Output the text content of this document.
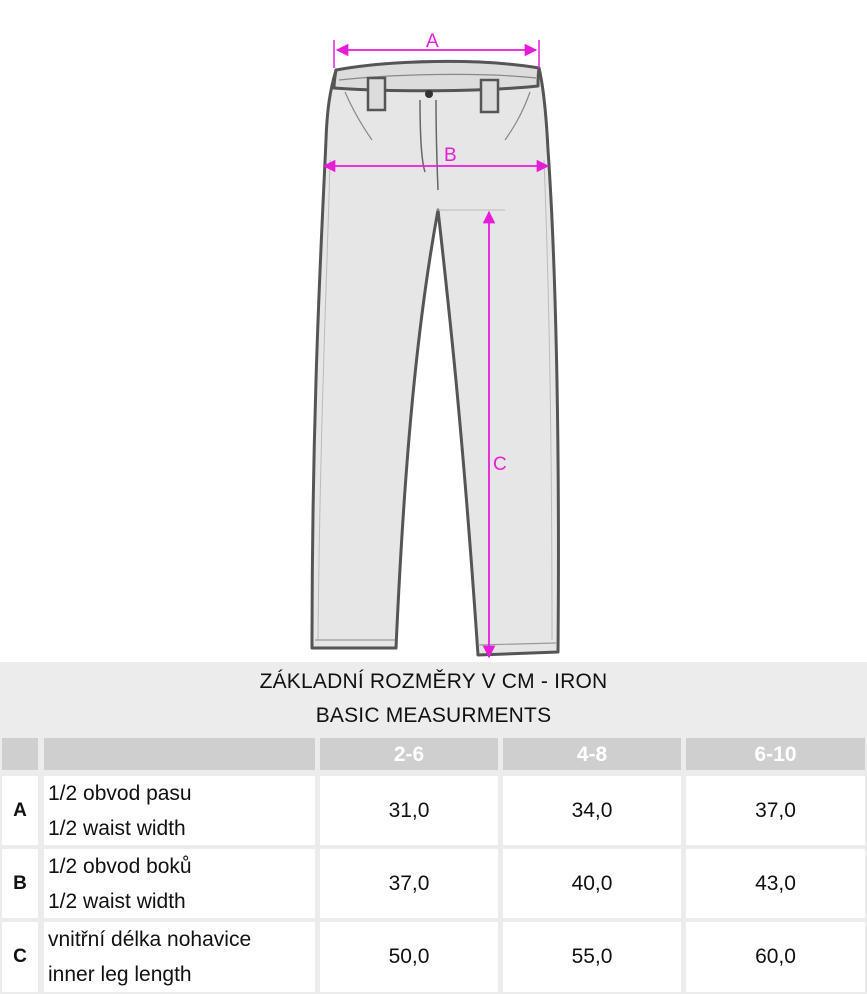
A
B
C
ZÁKLADNÍ ROZMĚRY V CM - IRON
BASIC MEASURMENTS
2-6	4-8	6-10
A
1/2 obvod pasu
1/2 waist width
31,0	34,0	37,0
B
1/2 obvod boků
1/2 waist width
37,0	40,0	43,0
C
vnitřní délka nohavice
inner leg length
50,0	55,0	60,0
